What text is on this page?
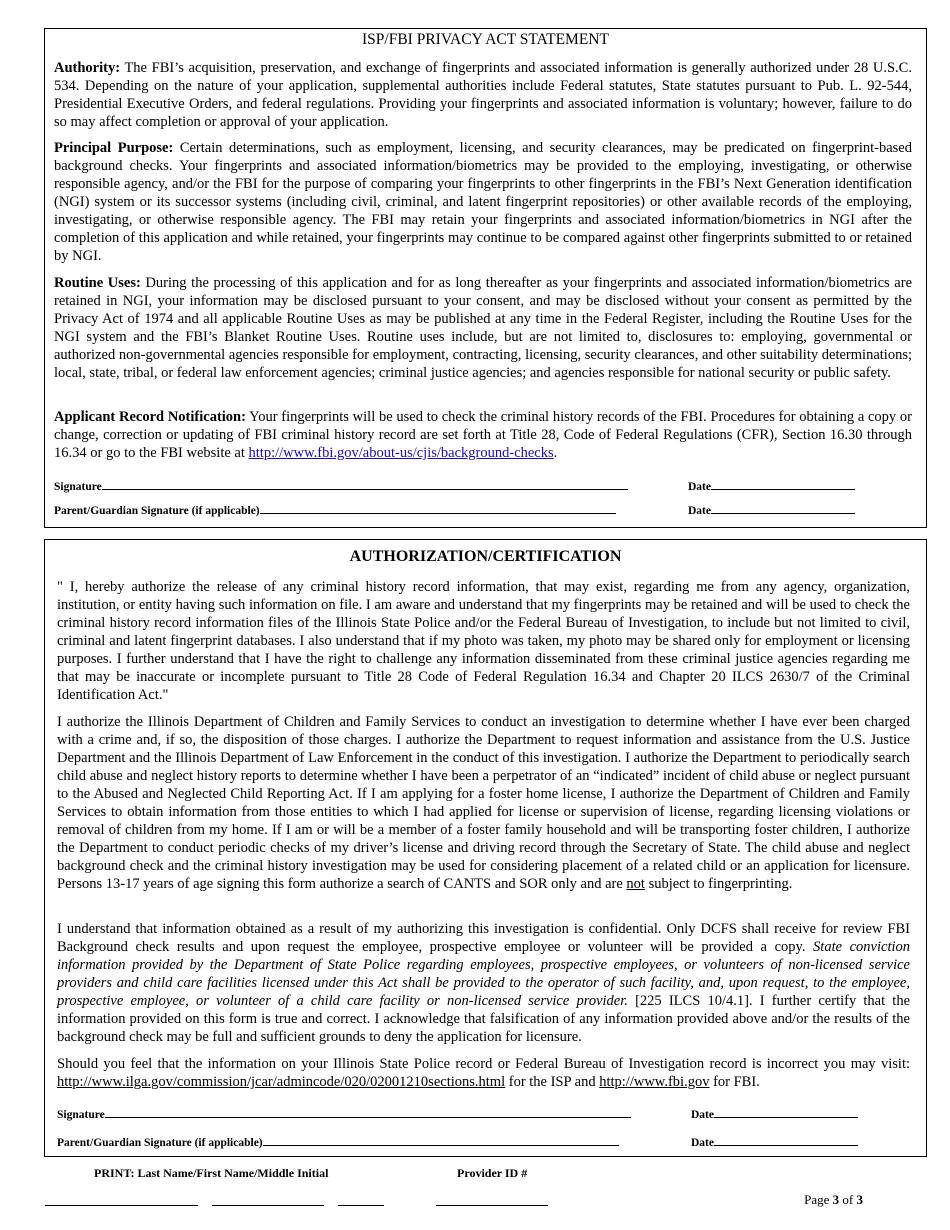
ISP/FBI PRIVACY ACT STATEMENT

Authority: The FBI’s acquisition, preservation, and exchange of fingerprints and associated information is generally authorized under 28 U.S.C. 534. Depending on the nature of your application, supplemental authorities include Federal statutes, State statutes pursuant to Pub. L. 92-544, Presidential Executive Orders, and federal regulations. Providing your fingerprints and associated information is voluntary; however, failure to do so may affect completion or approval of your application.

Principal Purpose: Certain determinations, such as employment, licensing, and security clearances, may be predicated on fingerprint-based background checks. Your fingerprints and associated information/biometrics may be provided to the employing, investigating, or otherwise responsible agency, and/or the FBI for the purpose of comparing your fingerprints to other fingerprints in the FBI’s Next Generation identification (NGI) system or its successor systems (including civil, criminal, and latent fingerprint repositories) or other available records of the employing, investigating, or otherwise responsible agency. The FBI may retain your fingerprints and associated information/biometrics in NGI after the completion of this application and while retained, your fingerprints may continue to be compared against other fingerprints submitted to or retained by NGI.

Routine Uses: During the processing of this application and for as long thereafter as your fingerprints and associated information/biometrics are retained in NGI, your information may be disclosed pursuant to your consent, and may be disclosed without your consent as permitted by the Privacy Act of 1974 and all applicable Routine Uses as may be published at any time in the Federal Register, including the Routine Uses for the NGI system and the FBI’s Blanket Routine Uses. Routine uses include, but are not limited to, disclosures to: employing, governmental or authorized non-governmental agencies responsible for employment, contracting, licensing, security clearances, and other suitability determinations; local, state, tribal, or federal law enforcement agencies; criminal justice agencies; and agencies responsible for national security or public safety.

Applicant Record Notification: Your fingerprints will be used to check the criminal history records of the FBI. Procedures for obtaining a copy or change, correction or updating of FBI criminal history record are set forth at Title 28, Code of Federal Regulations (CFR), Section 16.30 through 16.34 or go to the FBI website at http://www.fbi.gov/about-us/cjis/background-checks.

Signature	Date
Parent/Guardian Signature (if applicable)	Date
AUTHORIZATION/CERTIFICATION

" I, hereby authorize the release of any criminal history record information, that may exist, regarding me from any agency, organization, institution, or entity having such information on file. I am aware and understand that my fingerprints may be retained and will be used to check the criminal history record information files of the Illinois State Police and/or the Federal Bureau of Investigation, to include but not limited to civil, criminal and latent fingerprint databases. I also understand that if my photo was taken, my photo may be shared only for employment or licensing purposes. I further understand that I have the right to challenge any information disseminated from these criminal justice agencies regarding me that may be inaccurate or incomplete pursuant to Title 28 Code of Federal Regulation 16.34 and Chapter 20 ILCS 2630/7 of the Criminal Identification Act."

I authorize the Illinois Department of Children and Family Services to conduct an investigation to determine whether I have ever been charged with a crime and, if so, the disposition of those charges. I authorize the Department to request information and assistance from the U.S. Justice Department and the Illinois Department of Law Enforcement in the conduct of this investigation. I authorize the Department to periodically search child abuse and neglect history reports to determine whether I have been a perpetrator of an “indicated” incident of child abuse or neglect pursuant to the Abused and Neglected Child Reporting Act. If I am applying for a foster home license, I authorize the Department of Children and Family Services to obtain information from those entities to which I had applied for license or supervision of license, regarding licensing violations or removal of children from my home. If I am or will be a member of a foster family household and will be transporting foster children, I authorize the Department to conduct periodic checks of my driver’s license and driving record through the Secretary of State. The child abuse and neglect background check and the criminal history investigation may be used for considering placement of a related child or an application for licensure. Persons 13-17 years of age signing this form authorize a search of CANTS and SOR only and are not subject to fingerprinting.

I understand that information obtained as a result of my authorizing this investigation is confidential. Only DCFS shall receive for review FBI Background check results and upon request the employee, prospective employee or volunteer will be provided a copy. State conviction information provided by the Department of State Police regarding employees, prospective employees, or volunteers of non-licensed service providers and child care facilities licensed under this Act shall be provided to the operator of such facility, and, upon request, to the employee, prospective employee, or volunteer of a child care facility or non-licensed service provider. [225 ILCS 10/4.1]. I further certify that the information provided on this form is true and correct. I acknowledge that falsification of any information provided above and/or the results of the background check may be full and sufficient grounds to deny the application for licensure.

Should you feel that the information on your Illinois State Police record or Federal Bureau of Investigation record is incorrect you may visit: http://www.ilga.gov/commission/jcar/admincode/020/02001210sections.html for the ISP and http://www.fbi.gov for FBI.

Signature	Date
Parent/Guardian Signature (if applicable)	Date
PRINT: Last Name/First Name/Middle Initial	Provider ID #
Page 3 of 3
